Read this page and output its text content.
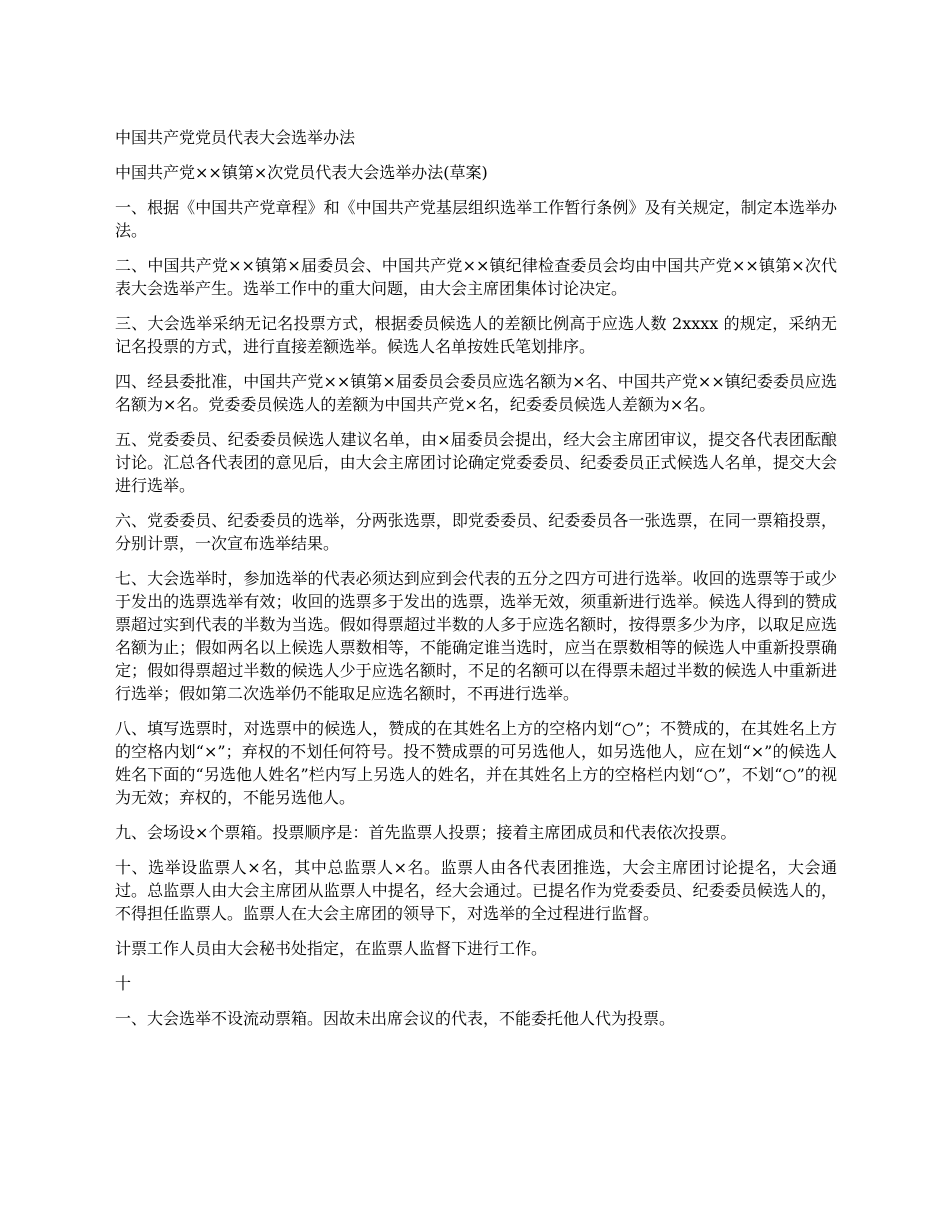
中国共产党党员代表大会选举办法

中国共产党××镇第×次党员代表大会选举办法(草案)

一、根据《中国共产党章程》和《中国共产党基层组织选举工作暂行条例》及有关规定，制定本选举办法。

二、中国共产党××镇第×届委员会、中国共产党××镇纪律检查委员会均由中国共产党××镇第×次代表大会选举产生。选举工作中的重大问题，由大会主席团集体讨论决定。

三、大会选举采纳无记名投票方式，根据委员候选人的差额比例高于应选人数 2xxxx 的规定，采纳无记名投票的方式，进行直接差额选举。候选人名单按姓氏笔划排序。

四、经县委批准，中国共产党××镇第×届委员会委员应选名额为×名、中国共产党××镇纪委委员应选名额为×名。党委委员候选人的差额为中国共产党×名，纪委委员候选人差额为×名。

五、党委委员、纪委委员候选人建议名单，由×届委员会提出，经大会主席团审议，提交各代表团酝酿讨论。汇总各代表团的意见后，由大会主席团讨论确定党委委员、纪委委员正式候选人名单，提交大会进行选举。

六、党委委员、纪委委员的选举，分两张选票，即党委委员、纪委委员各一张选票，在同一票箱投票，分别计票，一次宣布选举结果。

七、大会选举时，参加选举的代表必须达到应到会代表的五分之四方可进行选举。收回的选票等于或少于发出的选票选举有效；收回的选票多于发出的选票，选举无效，须重新进行选举。候选人得到的赞成票超过实到代表的半数为当选。假如得票超过半数的人多于应选名额时，按得票多少为序，以取足应选名额为止；假如两名以上候选人票数相等，不能确定谁当选时，应当在票数相等的候选人中重新投票确定；假如得票超过半数的候选人少于应选名额时，不足的名额可以在得票未超过半数的候选人中重新进行选举；假如第二次选举仍不能取足应选名额时，不再进行选举。

八、填写选票时，对选票中的候选人，赞成的在其姓名上方的空格内划“○”；不赞成的，在其姓名上方的空格内划“×”；弃权的不划任何符号。投不赞成票的可另选他人，如另选他人，应在划“×”的候选人姓名下面的“另选他人姓名”栏内写上另选人的姓名，并在其姓名上方的空格栏内划“○”，不划“○”的视为无效；弃权的，不能另选他人。

九、会场设×个票箱。投票顺序是：首先监票人投票；接着主席团成员和代表依次投票。

十、选举设监票人×名，其中总监票人×名。监票人由各代表团推选，大会主席团讨论提名，大会通过。总监票人由大会主席团从监票人中提名，经大会通过。已提名作为党委委员、纪委委员候选人的，不得担任监票人。监票人在大会主席团的领导下，对选举的全过程进行监督。

计票工作人员由大会秘书处指定，在监票人监督下进行工作。

十

一、大会选举不设流动票箱。因故未出席会议的代表，不能委托他人代为投票。
